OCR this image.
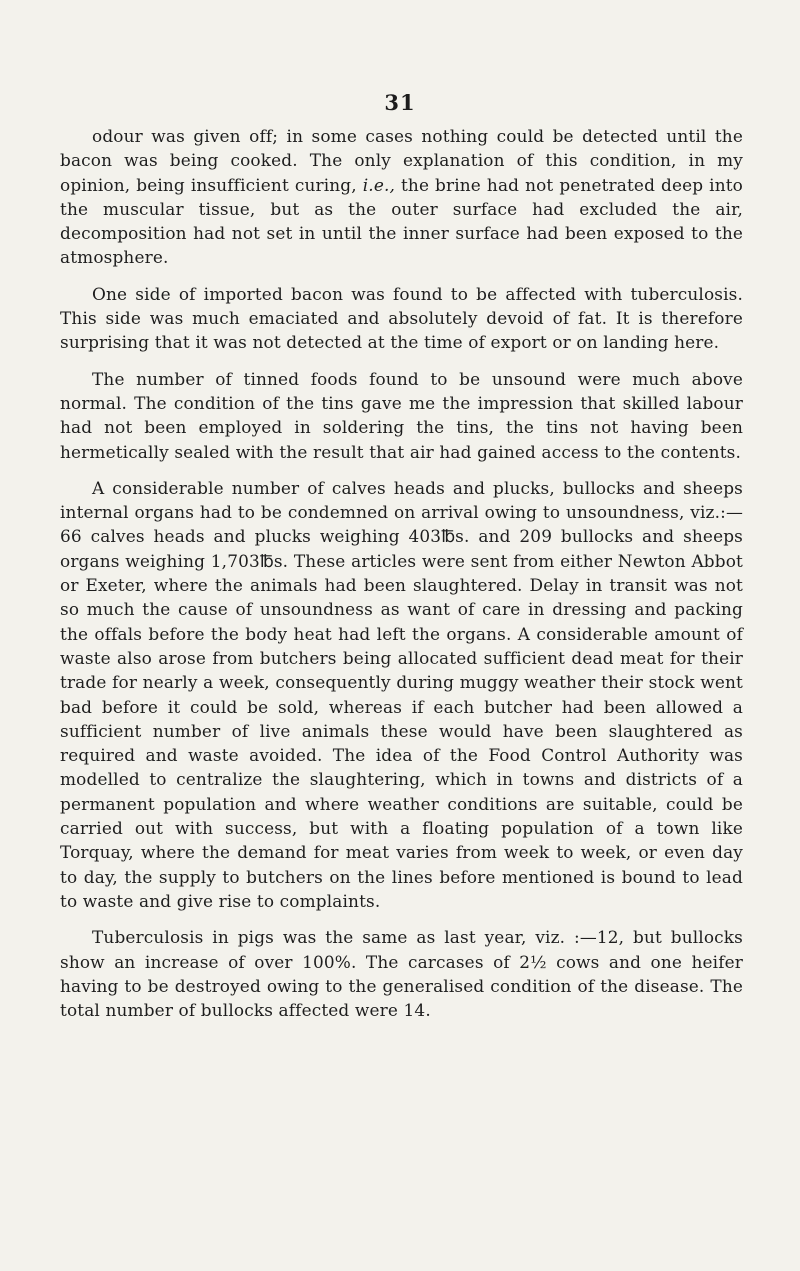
31

odour was given off; in some cases nothing could be detected until the bacon was being cooked. The only explanation of this condition, in my opinion, being insufficient curing, i.e., the brine had not penetrated deep into the muscular tissue, but as the outer surface had excluded the air, decomposition had not set in until the inner surface had been exposed to the atmosphere.

One side of imported bacon was found to be affected with tuberculosis. This side was much emaciated and absolutely devoid of fat. It is therefore surprising that it was not detected at the time of export or on landing here.

The number of tinned foods found to be unsound were much above normal. The condition of the tins gave me the impression that skilled labour had not been employed in soldering the tins, the tins not having been hermetically sealed with the result that air had gained access to the contents.

A considerable number of calves heads and plucks, bullocks and sheeps internal organs had to be condemned on arrival owing to unsoundness, viz.:—66 calves heads and plucks weighing 403℔s. and 209 bullocks and sheeps organs weighing 1,703℔s. These articles were sent from either Newton Abbot or Exeter, where the animals had been slaughtered. Delay in transit was not so much the cause of unsoundness as want of care in dressing and packing the offals before the body heat had left the organs. A considerable amount of waste also arose from butchers being allocated sufficient dead meat for their trade for nearly a week, consequently during muggy weather their stock went bad before it could be sold, whereas if each butcher had been allowed a sufficient number of live animals these would have been slaughtered as required and waste avoided. The idea of the Food Control Authority was modelled to centralize the slaughtering, which in towns and districts of a permanent population and where weather conditions are suitable, could be carried out with success, but with a floating population of a town like Torquay, where the demand for meat varies from week to week, or even day to day, the supply to butchers on the lines before mentioned is bound to lead to waste and give rise to complaints.

Tuberculosis in pigs was the same as last year, viz. :—12, but bullocks show an increase of over 100%. The carcases of 2½ cows and one heifer having to be destroyed owing to the generalised condition of the disease. The total number of bullocks affected were 14.
